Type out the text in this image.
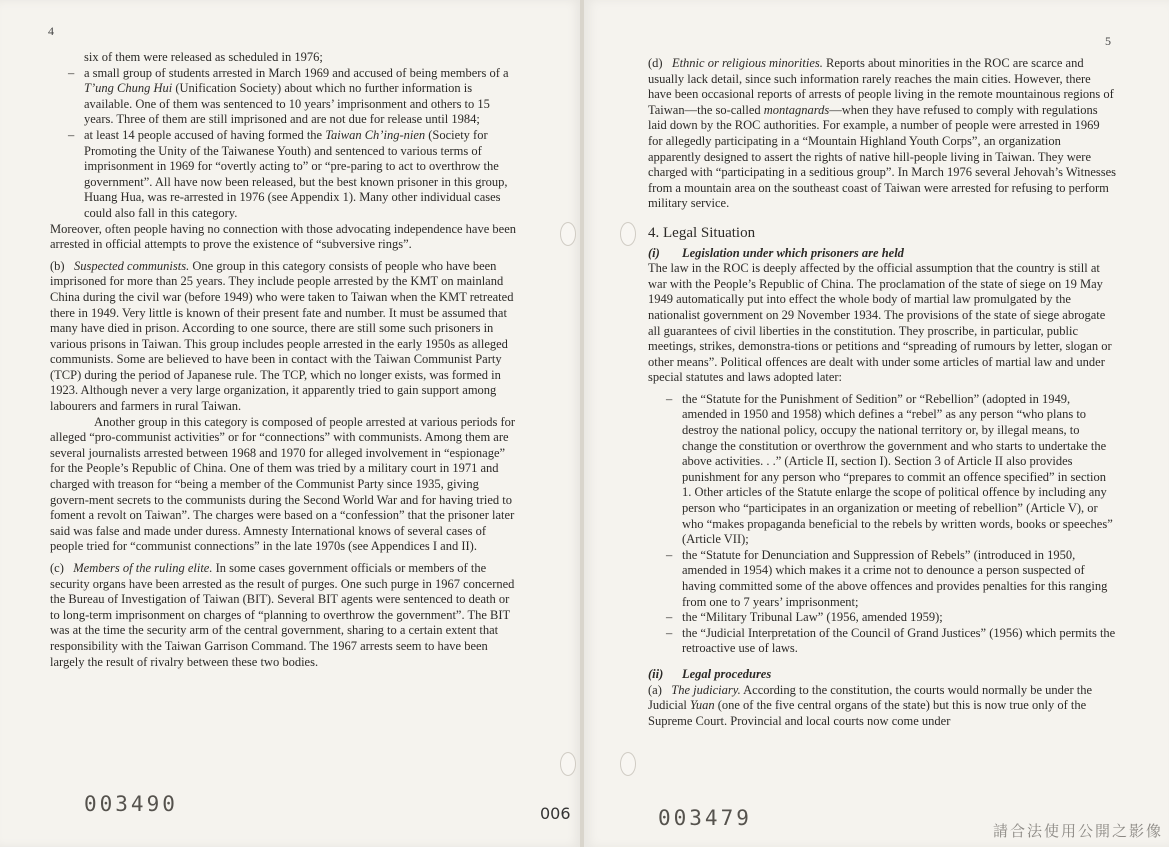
4

six of them were released as scheduled in 1976;

– a small group of students arrested in March 1969 and accused of being members of a T’ung Chung Hui (Unification Society) about which no further information is available. One of them was sentenced to 10 years’ imprisonment and others to 15 years. Three of them are still imprisoned and are not due for release until 1984;

– at least 14 people accused of having formed the Taiwan Ch’ing-nien (Society for Promoting the Unity of the Taiwanese Youth) and sentenced to various terms of imprisonment in 1969 for “overtly acting to” or “pre-paring to act to overthrow the government”. All have now been released, but the best known prisoner in this group, Huang Hua, was re-arrested in 1976 (see Appendix 1). Many other individual cases could also fall in this category.

Moreover, often people having no connection with those advocating independence have been arrested in official attempts to prove the existence of “subversive rings”.

(b)   Suspected communists. One group in this category consists of people who have been imprisoned for more than 25 years. They include people arrested by the KMT on mainland China during the civil war (before 1949) who were taken to Taiwan when the KMT retreated there in 1949. Very little is known of their present fate and number. It must be assumed that many have died in prison. According to one source, there are still some such prisoners in various prisons in Taiwan. This group includes people arrested in the early 1950s as alleged communists. Some are believed to have been in contact with the Taiwan Communist Party (TCP) during the period of Japanese rule. The TCP, which no longer exists, was formed in 1923. Although never a very large organization, it apparently tried to gain support among labourers and farmers in rural Taiwan.

Another group in this category is composed of people arrested at various periods for alleged “pro-communist activities” or for “connections” with communists. Among them are several journalists arrested between 1968 and 1970 for alleged involvement in “espionage” for the People’s Republic of China. One of them was tried by a military court in 1971 and charged with treason for “being a member of the Communist Party since 1935, giving govern-ment secrets to the communists during the Second World War and for having tried to foment a revolt on Taiwan”. The charges were based on a “confession” that the prisoner later said was false and made under duress. Amnesty International knows of several cases of people tried for “communist connections” in the late 1970s (see Appendices I and II).

(c)   Members of the ruling elite. In some cases government officials or members of the security organs have been arrested as the result of purges. One such purge in 1967 concerned the Bureau of Investigation of Taiwan (BIT). Several BIT agents were sentenced to death or to long-term imprisonment on charges of “planning to overthrow the government”. The BIT was at the time the security arm of the central government, sharing to a certain extent that responsibility with the Taiwan Garrison Command. The 1967 arrests seem to have been largely the result of rivalry between these two bodies.

003490
5

(d)   Ethnic or religious minorities. Reports about minorities in the ROC are scarce and usually lack detail, since such information rarely reaches the main cities. However, there have been occasional reports of arrests of people living in the remote mountainous regions of Taiwan—the so-called montagnards—when they have refused to comply with regulations laid down by the ROC authorities. For example, a number of people were arrested in 1969 for allegedly participating in a “Mountain Highland Youth Corps”, an organization apparently designed to assert the rights of native hill-people living in Taiwan. They were charged with “participating in a seditious group”. In March 1976 several Jehovah’s Witnesses from a mountain area on the southeast coast of Taiwan were arrested for refusing to perform military service.

4. Legal Situation

(i) Legislation under which prisoners are held

The law in the ROC is deeply affected by the official assumption that the country is still at war with the People’s Republic of China. The proclamation of the state of siege on 19 May 1949 automatically put into effect the whole body of martial law promulgated by the nationalist government on 29 November 1934. The provisions of the state of siege abrogate all guarantees of civil liberties in the constitution. They proscribe, in particular, public meetings, strikes, demonstra-tions or petitions and “spreading of rumours by letter, slogan or other means”. Political offences are dealt with under some articles of martial law and under special statutes and laws adopted later:

– the “Statute for the Punishment of Sedition” or “Rebellion” (adopted in 1949, amended in 1950 and 1958) which defines a “rebel” as any person “who plans to destroy the national policy, occupy the national territory or, by illegal means, to change the constitution or overthrow the government and who starts to undertake the above activities. . .” (Article II, section I). Section 3 of Article II also provides punishment for any person who “prepares to commit an offence specified” in section 1. Other articles of the Statute enlarge the scope of political offence by including any person who “participates in an organization or meeting of rebellion” (Article V), or who “makes propaganda beneficial to the rebels by written words, books or speeches” (Article VII);

– the “Statute for Denunciation and Suppression of Rebels” (introduced in 1950, amended in 1954) which makes it a crime not to denounce a person suspected of having committed some of the above offences and provides penalties for this ranging from one to 7 years’ imprisonment;

– the “Military Tribunal Law” (1956, amended 1959);

– the “Judicial Interpretation of the Council of Grand Justices” (1956) which permits the retroactive use of laws.

(ii) Legal procedures

(a)   The judiciary. According to the constitution, the courts would normally be under the Judicial Yuan (one of the five central organs of the state) but this is now true only of the Supreme Court. Provincial and local courts now come under

003479
006
請合法使用公開之影像
